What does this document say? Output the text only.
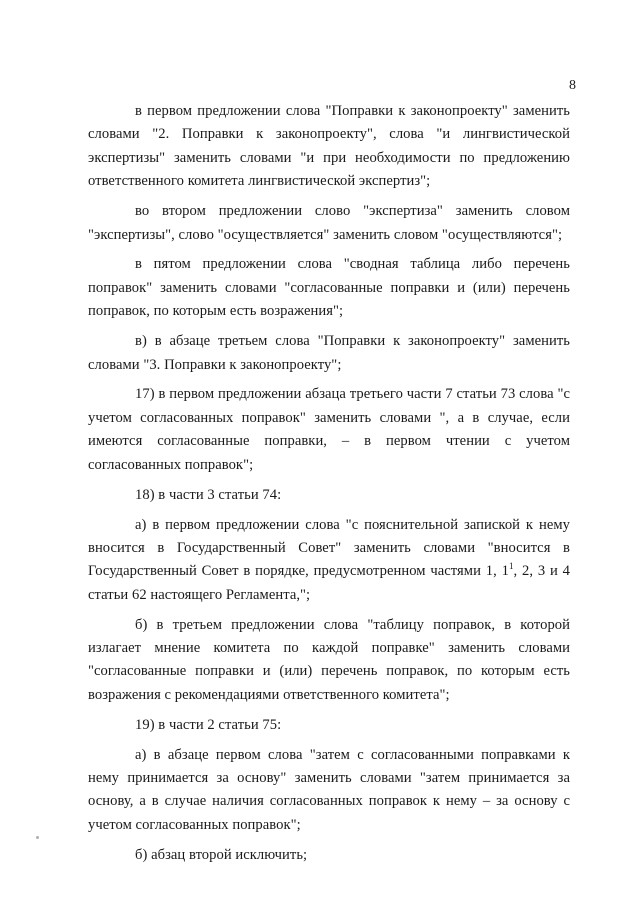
8

в первом предложении слова "Поправки к законопроекту" заменить словами "2. Поправки к законопроекту", слова "и лингвистической экспертизы" заменить словами "и при необходимости по предложению ответственного комитета лингвистической экспертиз";

во втором предложении слово "экспертиза" заменить словом "экспертизы", слово "осуществляется" заменить словом "осуществляются";

в пятом предложении слова "сводная таблица либо перечень поправок" заменить словами "согласованные поправки и (или) перечень поправок, по которым есть возражения";

в) в абзаце третьем слова "Поправки к законопроекту" заменить словами "3. Поправки к законопроекту";

17) в первом предложении абзаца третьего части 7 статьи 73 слова "с учетом согласованных поправок" заменить словами ", а в случае, если имеются согласованные поправки, – в первом чтении с учетом согласованных поправок";

18) в части 3 статьи 74:

а) в первом предложении слова "с пояснительной запиской к нему вносится в Государственный Совет" заменить словами "вносится в Государственный Совет в порядке, предусмотренном частями 1, $1^1$, 2, 3 и 4 статьи 62 настоящего Регламента,";

б) в третьем предложении слова "таблицу поправок, в которой излагает мнение комитета по каждой поправке" заменить словами "согласованные поправки и (или) перечень поправок, по которым есть возражения с рекомендациями ответственного комитета";

19) в части 2 статьи 75:

а) в абзаце первом слова "затем с согласованными поправками к нему принимается за основу" заменить словами "затем принимается за основу, а в случае наличия согласованных поправок к нему – за основу с учетом согласованных поправок";

б) абзац второй исключить;
